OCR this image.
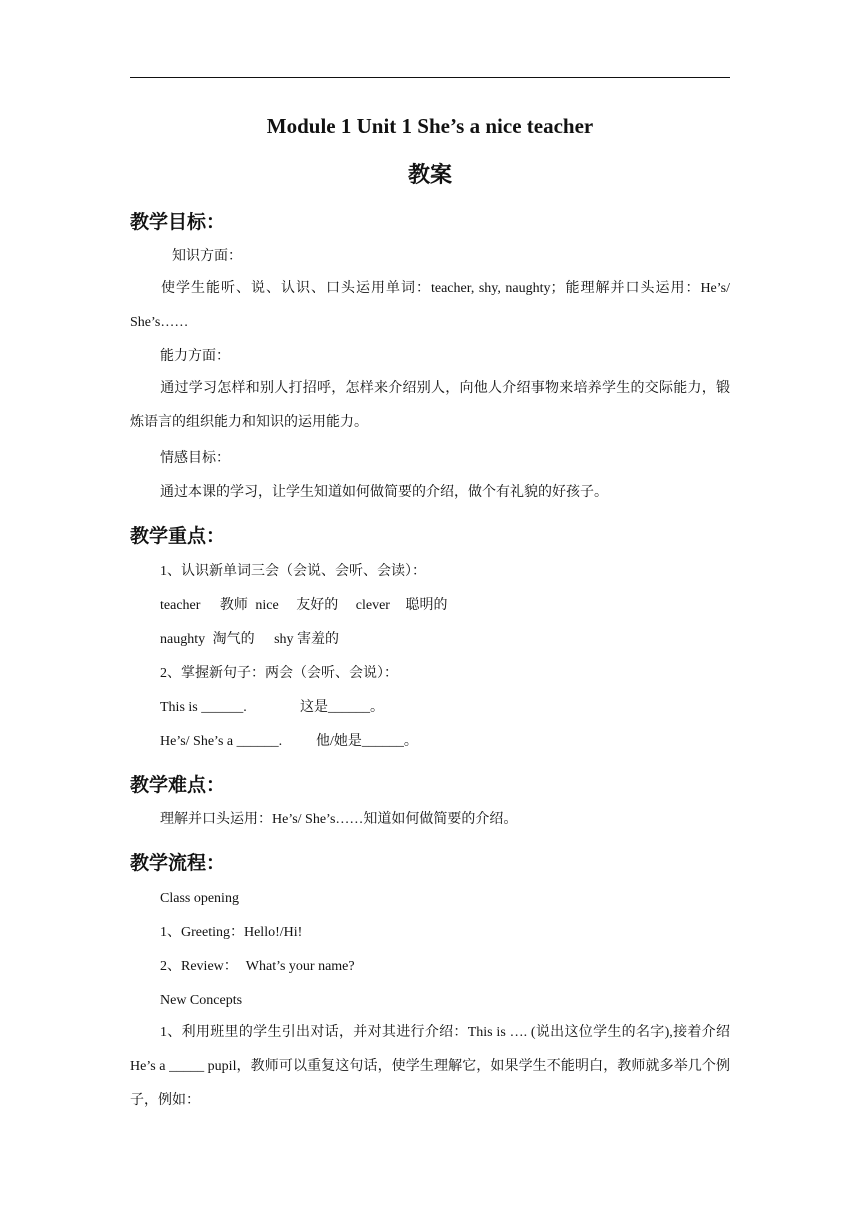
Module 1 Unit 1 She’s a nice teacher
教案
教学目标：
知识方面：
使学生能听、说、认识、口头运用单词：teacher, shy, naughty；能理解并口头运用：He’s/ She’s……
能力方面：
通过学习怎样和别人打招呼，怎样来介绍别人，向他人介绍事物来培养学生的交际能力，锻炼语言的组织能力和知识的运用能力。
情感目标：
通过本课的学习，让学生知道如何做简要的介绍，做个有礼貌的好孩子。
教学重点：
1、认识新单词三会（会说、会听、会读）：
teacher 教师 nice 友好的 clever 聪明的
naughty 淘气的 shy 害羞的
2、掌握新句子：两会（会听、会说）：
This is ______.	这是______。
He’s/ She’s a ______. 他/她是______。
教学难点：
理解并口头运用：He’s/ She’s……知道如何做简要的介绍。
教学流程：
Class opening
1、Greeting：Hello!/Hi!
2、Review： What’s your name?
New Concepts
1、利用班里的学生引出对话，并对其进行介绍：This is …. (说出这位学生的名字),接着介绍 He’s a _____ pupil，教师可以重复这句话，使学生理解它，如果学生不能明白，教师就多举几个例子，例如：
